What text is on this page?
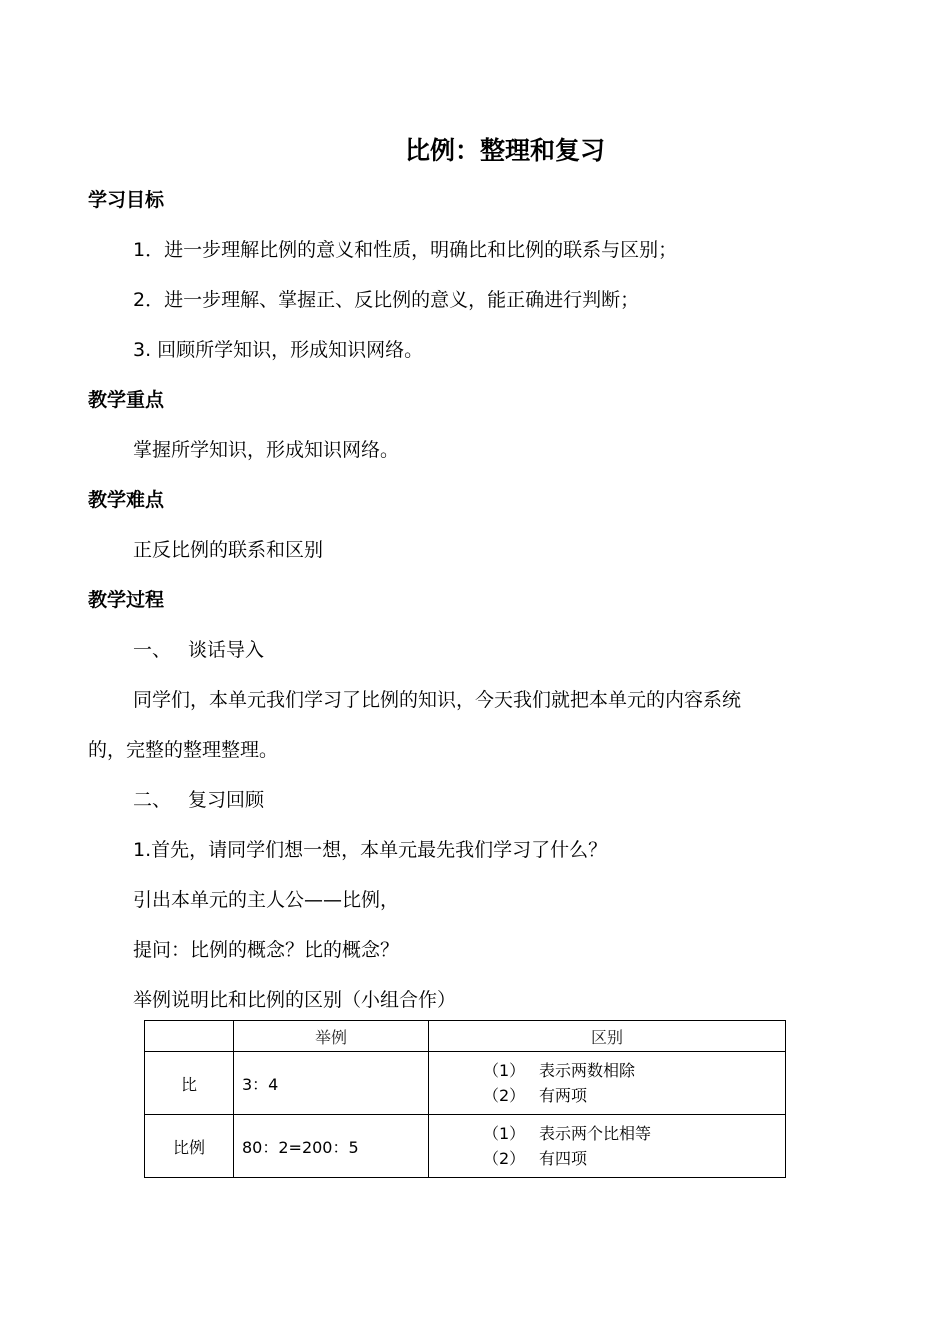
比例：整理和复习
学习目标
1．进一步理解比例的意义和性质，明确比和比例的联系与区别；
2．进一步理解、掌握正、反比例的意义，能正确进行判断；
3. 回顾所学知识，形成知识网络。
教学重点
掌握所学知识，形成知识网络。
教学难点
正反比例的联系和区别
教学过程
一、 谈话导入
同学们，本单元我们学习了比例的知识，今天我们就把本单元的内容系统
的，完整的整理整理。
二、 复习回顾
1.首先，请同学们想一想，本单元最先我们学习了什么？
引出本单元的主人公——比例，
提问：比例的概念？比的概念？
举例说明比和比例的区别（小组合作）
	举例	区别
比	3：4	（1） 表示两数相除
（2） 有两项

比例	80：2=200：5	（1） 表示两个比相等
（2） 有四项
